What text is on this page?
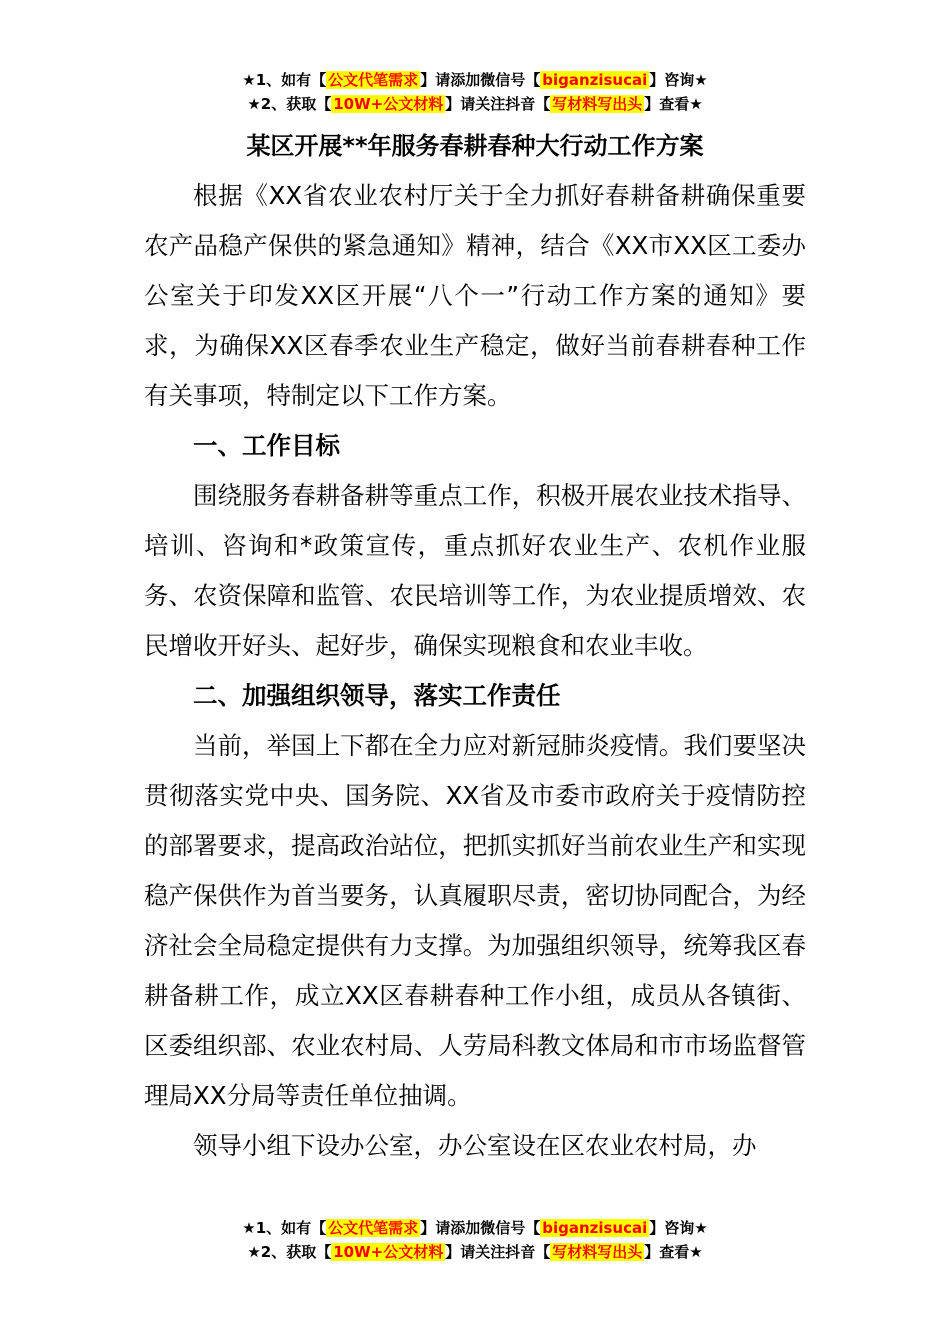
★1、如有【 公文代笔需求 】请添加微信号【 biganzisucai 】咨询★
★2、获取【 10W+公文材料 】请关注抖音【 写材料写出头 】查看★
某区开展**年服务春耕春种大行动工作方案

根据《XX省农业农村厅关于全力抓好春耕备耕确保重要农产品稳产保供的紧急通知》精神，结合《XX市XX区工委办公室关于印发XX区开展“八个一”行动工作方案的通知》要求，为确保XX区春季农业生产稳定，做好当前春耕春种工作有关事项，特制定以下工作方案。

一、工作目标

围绕服务春耕备耕等重点工作，积极开展农业技术指导、培训、咨询和*政策宣传，重点抓好农业生产、农机作业服务、农资保障和监管、农民培训等工作，为农业提质增效、农民增收开好头、起好步，确保实现粮食和农业丰收。

二、加强组织领导，落实工作责任

当前，举国上下都在全力应对新冠肺炎疫情。我们要坚决贯彻落实党中央、国务院、XX省及市委市政府关于疫情防控的部署要求，提高政治站位，把抓实抓好当前农业生产和实现稳产保供作为首当要务，认真履职尽责，密切协同配合，为经济社会全局稳定提供有力支撑。为加强组织领导，统筹我区春耕备耕工作，成立XX区春耕春种工作小组，成员从各镇街、区委组织部、农业农村局、人劳局科教文体局和市市场监督管理局XX分局等责任单位抽调。

领导小组下设办公室，办公室设在区农业农村局，办

★1、如有【 公文代笔需求 】请添加微信号【 biganzisucai 】咨询★
★2、获取【 10W+公文材料 】请关注抖音【 写材料写出头 】查看★
